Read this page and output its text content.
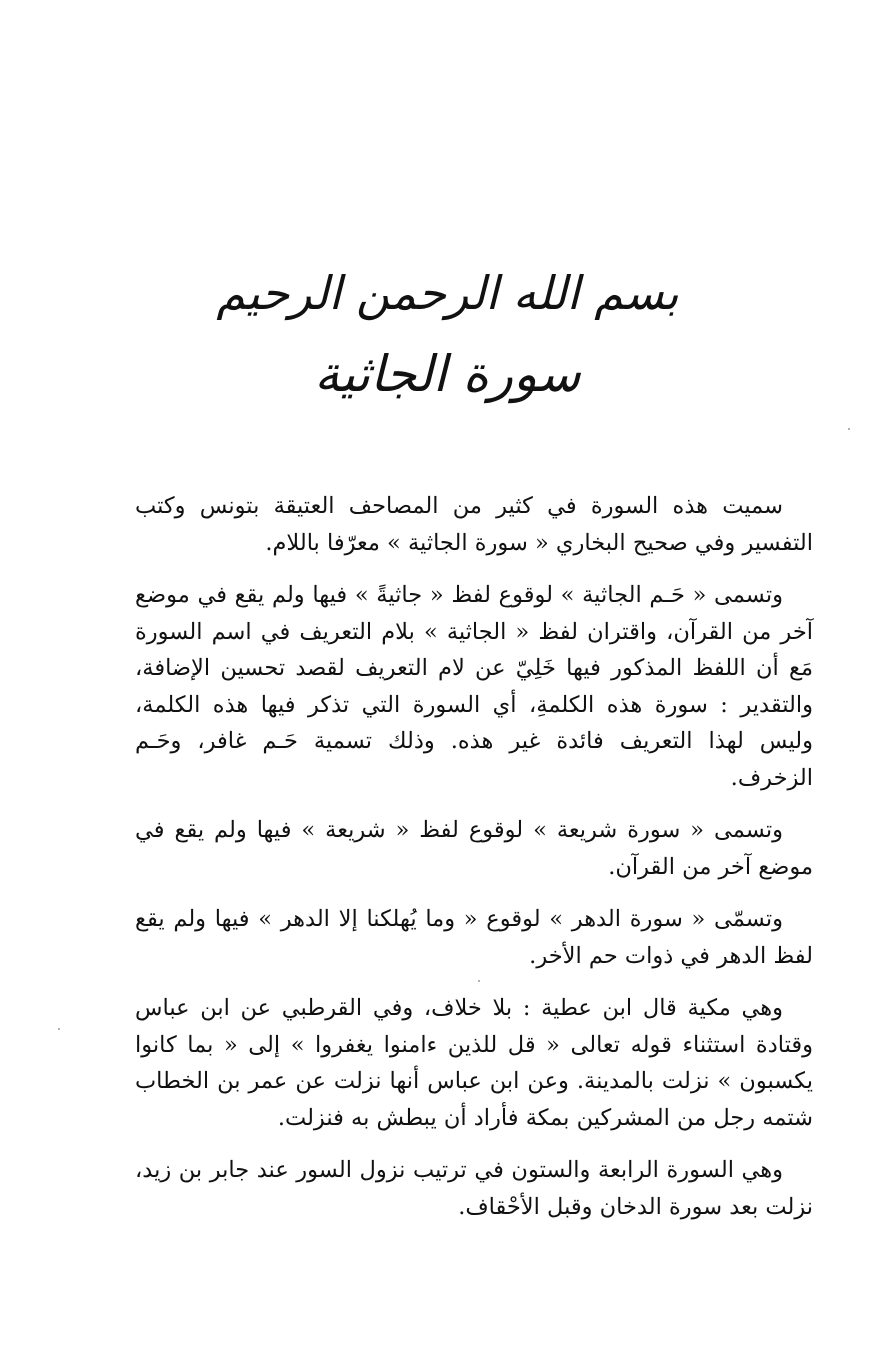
بسم الله الرحمن الرحيم

سورة الجاثية

سميت هذه السورة في كثير من المصاحف العتيقة بتونس وكتب التفسير وفي صحيح البخاري « سورة الجاثية » معرّفا باللام.

وتسمى « حَـم الجاثية » لوقوع لفظ « جاثيةً » فيها ولم يقع في موضع آخر من القرآن، واقتران لفظ « الجاثية » بلام التعريف في اسم السورة مَع أن اللفظ المذكور فيها خَلِيّ عن لام التعريف لقصد تحسين الإضافة، والتقدير : سورة هذه الكلمةِ، أي السورة التي تذكر فيها هذه الكلمة، وليس لهذا التعريف فائدة غير هذه. وذلك تسمية حَـم غافر، وحَـم الزخرف.

وتسمى « سورة شريعة » لوقوع لفظ « شريعة » فيها ولم يقع في موضع آخر من القرآن.

وتسمّى « سورة الدهر » لوقوع « وما يُهلكنا إلا الدهر » فيها ولم يقع لفظ الدهر في ذوات حم الأخر.

وهي مكية قال ابن عطية : بلا خلاف، وفي القرطبي عن ابن عباس وقتادة استثناء قوله تعالى « قل للذين ءامنوا يغفروا » إلى « بما كانوا يكسبون » نزلت بالمدينة. وعن ابن عباس أنها نزلت عن عمر بن الخطاب شتمه رجل من المشركين بمكة فأراد أن يبطش به فنزلت.

وهي السورة الرابعة والستون في ترتيب نزول السور عند جابر بن زيد، نزلت بعد سورة الدخان وقبل الأحْقاف.
